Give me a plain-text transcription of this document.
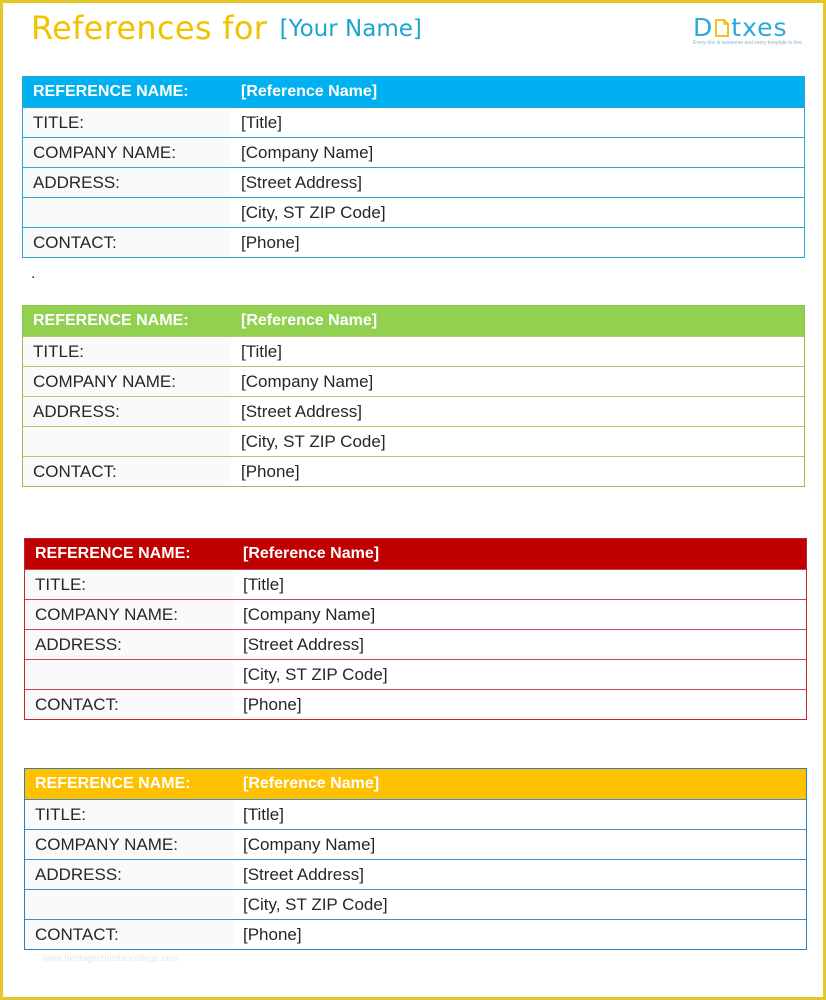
References for [Your Name]	D txes
Every doc is awesome and every template is free
.
REFERENCE NAME:	[Reference Name]
TITLE:	[Title]
COMPANY NAME:	[Company Name]
ADDRESS:	[Street Address]
[City, ST ZIP Code]
CONTACT:	[Phone]
REFERENCE NAME:	[Reference Name]
TITLE:	[Title]
COMPANY NAME:	[Company Name]
ADDRESS:	[Street Address]
[City, ST ZIP Code]
CONTACT:	[Phone]
REFERENCE NAME:	[Reference Name]
TITLE:	[Title]
COMPANY NAME:	[Company Name]
ADDRESS:	[Street Address]
[City, ST ZIP Code]
CONTACT:	[Phone]
REFERENCE NAME:	[Reference Name]
TITLE:	[Title]
COMPANY NAME:	[Company Name]
ADDRESS:	[Street Address]
[City, ST ZIP Code]
CONTACT:	[Phone]
www.heritagechristiancollege.com
